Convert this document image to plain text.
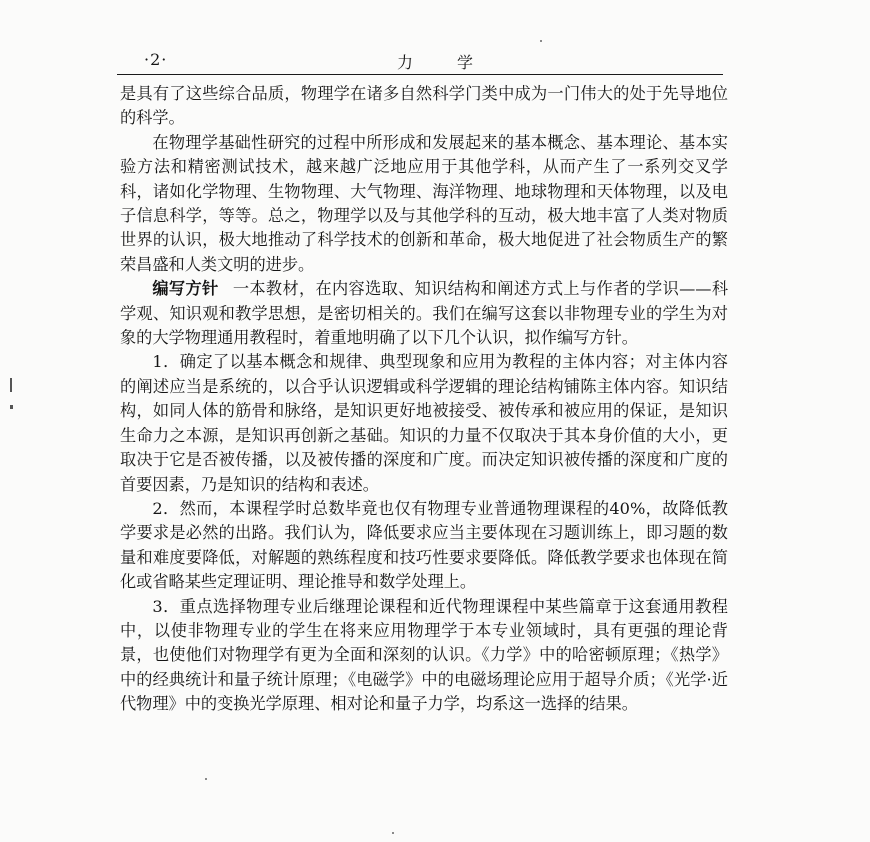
·2·	力学

是具有了这些综合品质，物理学在诸多自然科学门类中成为一门伟大的处于先导地位的科学。

在物理学基础性研究的过程中所形成和发展起来的基本概念、基本理论、基本实验方法和精密测试技术，越来越广泛地应用于其他学科，从而产生了一系列交叉学科，诸如化学物理、生物物理、大气物理、海洋物理、地球物理和天体物理，以及电子信息科学，等等。总之，物理学以及与其他学科的互动，极大地丰富了人类对物质世界的认识，极大地推动了科学技术的创新和革命，极大地促进了社会物质生产的繁荣昌盛和人类文明的进步。

编写方针 一本教材，在内容选取、知识结构和阐述方式上与作者的学识——科学观、知识观和教学思想，是密切相关的。我们在编写这套以非物理专业的学生为对象的大学物理通用教程时，着重地明确了以下几个认识，拟作编写方针。

1．确定了以基本概念和规律、典型现象和应用为教程的主体内容；对主体内容的阐述应当是系统的，以合乎认识逻辑或科学逻辑的理论结构铺陈主体内容。知识结构，如同人体的筋骨和脉络，是知识更好地被接受、被传承和被应用的保证，是知识生命力之本源，是知识再创新之基础。知识的力量不仅取决于其本身价值的大小，更取决于它是否被传播，以及被传播的深度和广度。而决定知识被传播的深度和广度的首要因素，乃是知识的结构和表述。

2．然而，本课程学时总数毕竟也仅有物理专业普通物理课程的40%，故降低教学要求是必然的出路。我们认为，降低要求应当主要体现在习题训练上，即习题的数量和难度要降低，对解题的熟练程度和技巧性要求要降低。降低教学要求也体现在简化或省略某些定理证明、理论推导和数学处理上。

3．重点选择物理专业后继理论课程和近代物理课程中某些篇章于这套通用教程中，以使非物理专业的学生在将来应用物理学于本专业领域时，具有更强的理论背景，也使他们对物理学有更为全面和深刻的认识。《力学》中的哈密顿原理；《热学》中的经典统计和量子统计原理；《电磁学》中的电磁场理论应用于超导介质；《光学·近代物理》中的变换光学原理、相对论和量子力学，均系这一选择的结果。
